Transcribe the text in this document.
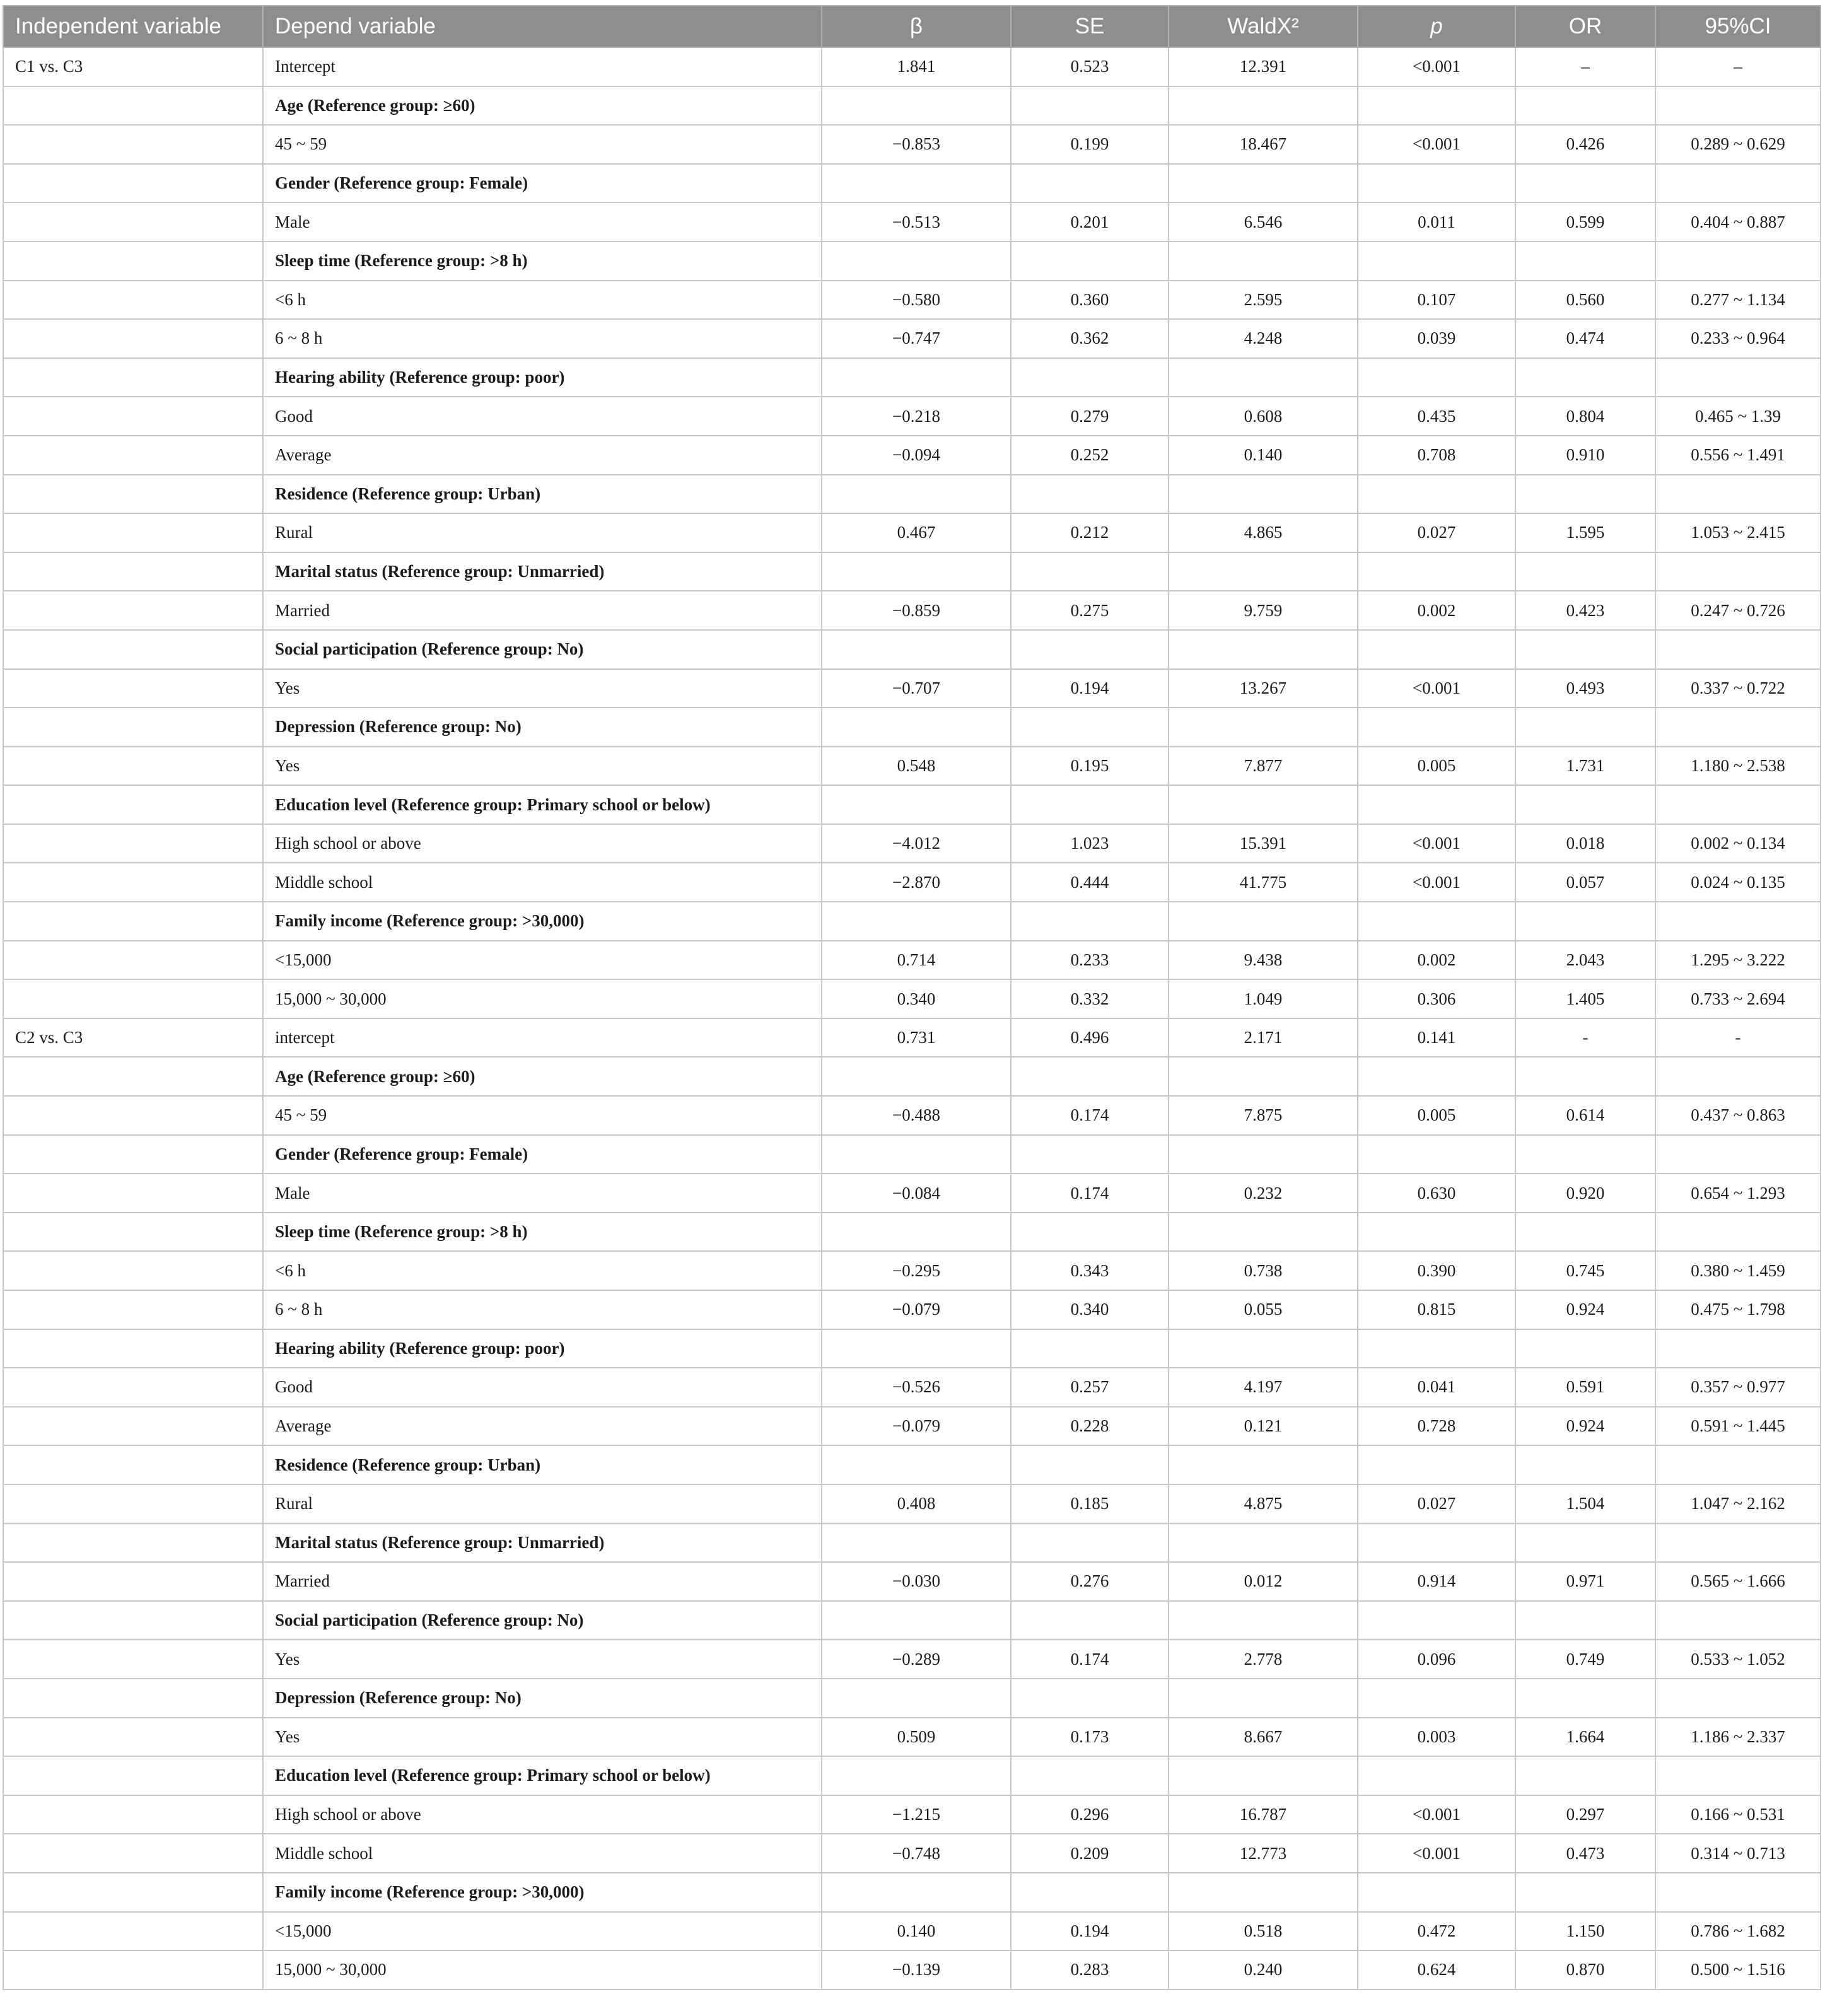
Independent variable	Depend variable	β	SE	WaldX²	p	OR	95%CI
C1 vs. C3	Intercept	1.841	0.523	12.391	<0.001	–	–
	Age (Reference group: ≥60)						
	45 ~ 59	−0.853	0.199	18.467	<0.001	0.426	0.289 ~ 0.629
	Gender (Reference group: Female)						
	Male	−0.513	0.201	6.546	0.011	0.599	0.404 ~ 0.887
	Sleep time (Reference group: >8 h)						
	<6 h	−0.580	0.360	2.595	0.107	0.560	0.277 ~ 1.134
	6 ~ 8 h	−0.747	0.362	4.248	0.039	0.474	0.233 ~ 0.964
	Hearing ability (Reference group: poor)						
	Good	−0.218	0.279	0.608	0.435	0.804	0.465 ~ 1.39
	Average	−0.094	0.252	0.140	0.708	0.910	0.556 ~ 1.491
	Residence (Reference group: Urban)						
	Rural	0.467	0.212	4.865	0.027	1.595	1.053 ~ 2.415
	Marital status (Reference group: Unmarried)						
	Married	−0.859	0.275	9.759	0.002	0.423	0.247 ~ 0.726
	Social participation (Reference group: No)						
	Yes	−0.707	0.194	13.267	<0.001	0.493	0.337 ~ 0.722
	Depression (Reference group: No)						
	Yes	0.548	0.195	7.877	0.005	1.731	1.180 ~ 2.538
	Education level (Reference group: Primary school or below)						
	High school or above	−4.012	1.023	15.391	<0.001	0.018	0.002 ~ 0.134
	Middle school	−2.870	0.444	41.775	<0.001	0.057	0.024 ~ 0.135
	Family income (Reference group: >30,000)						
	<15,000	0.714	0.233	9.438	0.002	2.043	1.295 ~ 3.222
	15,000 ~ 30,000	0.340	0.332	1.049	0.306	1.405	0.733 ~ 2.694
C2 vs. C3	intercept	0.731	0.496	2.171	0.141	-	-
	Age (Reference group: ≥60)						
	45 ~ 59	−0.488	0.174	7.875	0.005	0.614	0.437 ~ 0.863
	Gender (Reference group: Female)						
	Male	−0.084	0.174	0.232	0.630	0.920	0.654 ~ 1.293
	Sleep time (Reference group: >8 h)						
	<6 h	−0.295	0.343	0.738	0.390	0.745	0.380 ~ 1.459
	6 ~ 8 h	−0.079	0.340	0.055	0.815	0.924	0.475 ~ 1.798
	Hearing ability (Reference group: poor)						
	Good	−0.526	0.257	4.197	0.041	0.591	0.357 ~ 0.977
	Average	−0.079	0.228	0.121	0.728	0.924	0.591 ~ 1.445
	Residence (Reference group: Urban)						
	Rural	0.408	0.185	4.875	0.027	1.504	1.047 ~ 2.162
	Marital status (Reference group: Unmarried)						
	Married	−0.030	0.276	0.012	0.914	0.971	0.565 ~ 1.666
	Social participation (Reference group: No)						
	Yes	−0.289	0.174	2.778	0.096	0.749	0.533 ~ 1.052
	Depression (Reference group: No)						
	Yes	0.509	0.173	8.667	0.003	1.664	1.186 ~ 2.337
	Education level (Reference group: Primary school or below)						
	High school or above	−1.215	0.296	16.787	<0.001	0.297	0.166 ~ 0.531
	Middle school	−0.748	0.209	12.773	<0.001	0.473	0.314 ~ 0.713
	Family income (Reference group: >30,000)						
	<15,000	0.140	0.194	0.518	0.472	1.150	0.786 ~ 1.682
	15,000 ~ 30,000	−0.139	0.283	0.240	0.624	0.870	0.500 ~ 1.516
